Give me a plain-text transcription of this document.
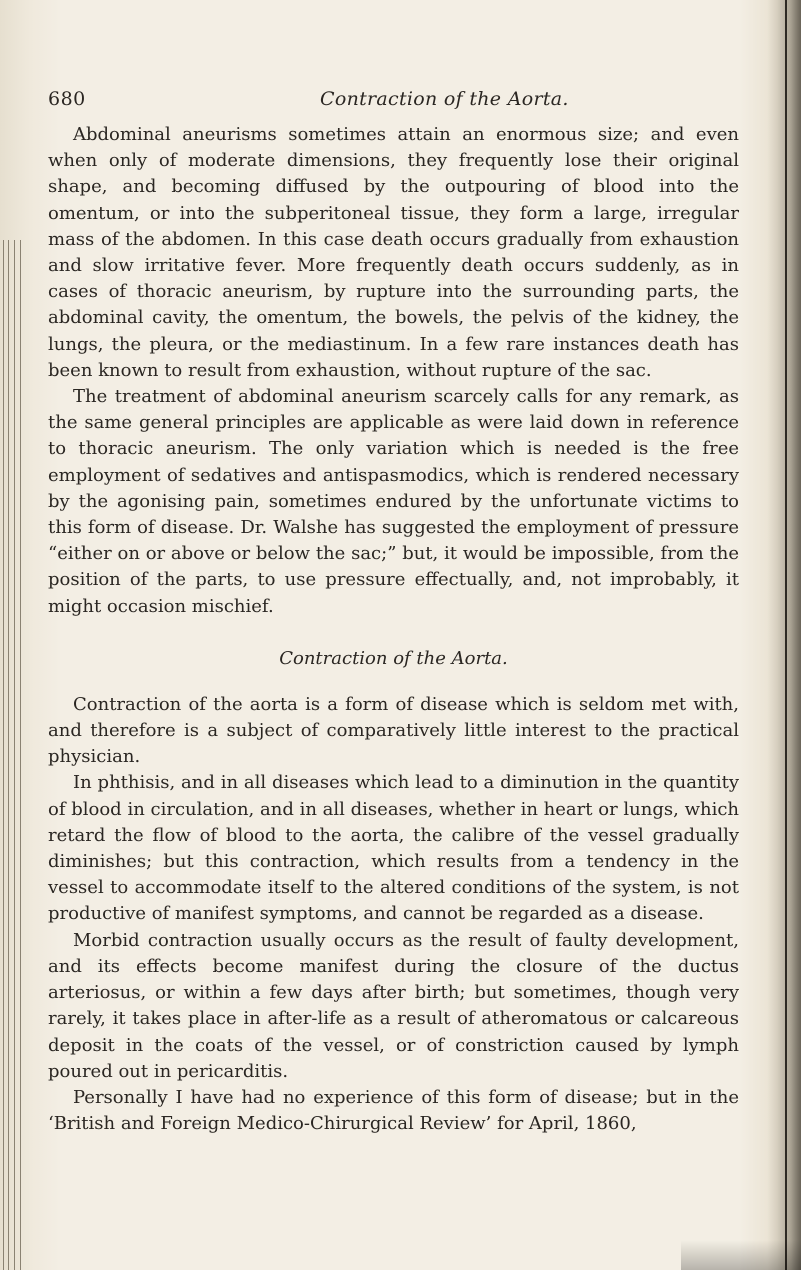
680	Contraction of the Aorta.

Abdominal aneurisms sometimes attain an enormous size; and even when only of moderate dimensions, they frequently lose their original shape, and becoming diffused by the outpouring of blood into the omentum, or into the subperitoneal tissue, they form a large, irregular mass of the abdomen. In this case death occurs gradually from exhaustion and slow irritative fever. More frequently death occurs suddenly, as in cases of thoracic aneurism, by rupture into the surrounding parts, the abdominal cavity, the omentum, the bowels, the pelvis of the kidney, the lungs, the pleura, or the mediastinum. In a few rare instances death has been known to result from exhaustion, without rupture of the sac.

The treatment of abdominal aneurism scarcely calls for any remark, as the same general principles are applicable as were laid down in reference to thoracic aneurism. The only variation which is needed is the free employment of sedatives and antispasmodics, which is rendered necessary by the agonising pain, sometimes endured by the unfortunate victims to this form of disease. Dr. Walshe has suggested the employment of pressure “either on or above or below the sac;” but, it would be impossible, from the position of the parts, to use pressure effectually, and, not improbably, it might occasion mischief.

Contraction of the Aorta.

Contraction of the aorta is a form of disease which is seldom met with, and therefore is a subject of comparatively little interest to the practical physician.

In phthisis, and in all diseases which lead to a diminution in the quantity of blood in circulation, and in all diseases, whether in heart or lungs, which retard the flow of blood to the aorta, the calibre of the vessel gradually diminishes; but this contraction, which results from a tendency in the vessel to accommodate itself to the altered conditions of the system, is not productive of manifest symptoms, and cannot be regarded as a disease.

Morbid contraction usually occurs as the result of faulty development, and its effects become manifest during the closure of the ductus arteriosus, or within a few days after birth; but sometimes, though very rarely, it takes place in after-life as a result of atheromatous or calcareous deposit in the coats of the vessel, or of constriction caused by lymph poured out in pericarditis.

Personally I have had no experience of this form of disease; but in the ‘British and Foreign Medico-Chirurgical Review’ for April, 1860,
